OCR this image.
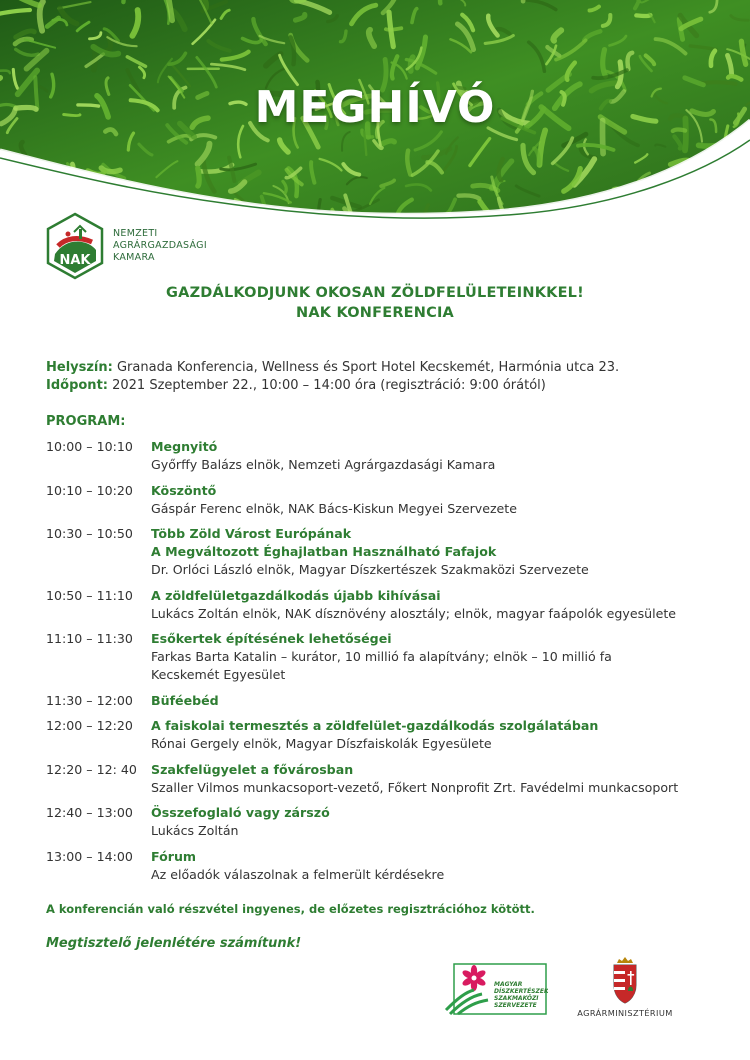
MEGHÍVÓ
NAK
NEMZETI
AGRÁRGAZDASÁGI
KAMARA
GAZDÁLKODJUNK OKOSAN ZÖLDFELÜLETEINKKEL!
NAK KONFERENCIA
Helyszín: Granada Konferencia, Wellness és Sport Hotel Kecskemét, Harmónia utca 23.
Időpont: 2021 Szeptember 22., 10:00 – 14:00 óra (regisztráció: 9:00 órától)
PROGRAM:
10:00 – 10:10	Megnyitó
Győrffy Balázs elnök, Nemzeti Agrárgazdasági Kamara
10:10 – 10:20	Köszöntő
Gáspár Ferenc elnök, NAK Bács-Kiskun Megyei Szervezete
10:30 – 10:50	Több Zöld Várost Európának
A Megváltozott Éghajlatban Használható Fafajok
Dr. Orlóci László elnök, Magyar Díszkertészek Szakmaközi Szervezete
10:50 – 11:10	A zöldfelületgazdálkodás újabb kihívásai
Lukács Zoltán elnök, NAK dísznövény alosztály; elnök, magyar faápolók egyesülete
11:10 – 11:30	Esőkertek építésének lehetőségei
Farkas Barta Katalin – kurátor, 10 millió fa alapítvány; elnök – 10 millió fa
Kecskemét Egyesület
11:30 – 12:00	Büféebéd
12:00 – 12:20	A faiskolai termesztés a zöldfelület-gazdálkodás szolgálatában
Rónai Gergely elnök, Magyar Díszfaiskolák Egyesülete
12:20 – 12: 40	Szakfelügyelet a fővárosban
Szaller Vilmos munkacsoport-vezető, Főkert Nonprofit Zrt. Favédelmi munkacsoport
12:40 – 13:00	Összefoglaló vagy zárszó
Lukács Zoltán
13:00 – 14:00	Fórum
Az előadók válaszolnak a felmerült kérdésekre
A konferencián való részvétel ingyenes, de előzetes regisztrációhoz kötött.
Megtisztelő jelenlétére számítunk!
MAGYAR
DÍSZKERTÉSZEK
SZAKMAKÖZI
SZERVEZETE
AGRÁRMINISZTÉRIUM
